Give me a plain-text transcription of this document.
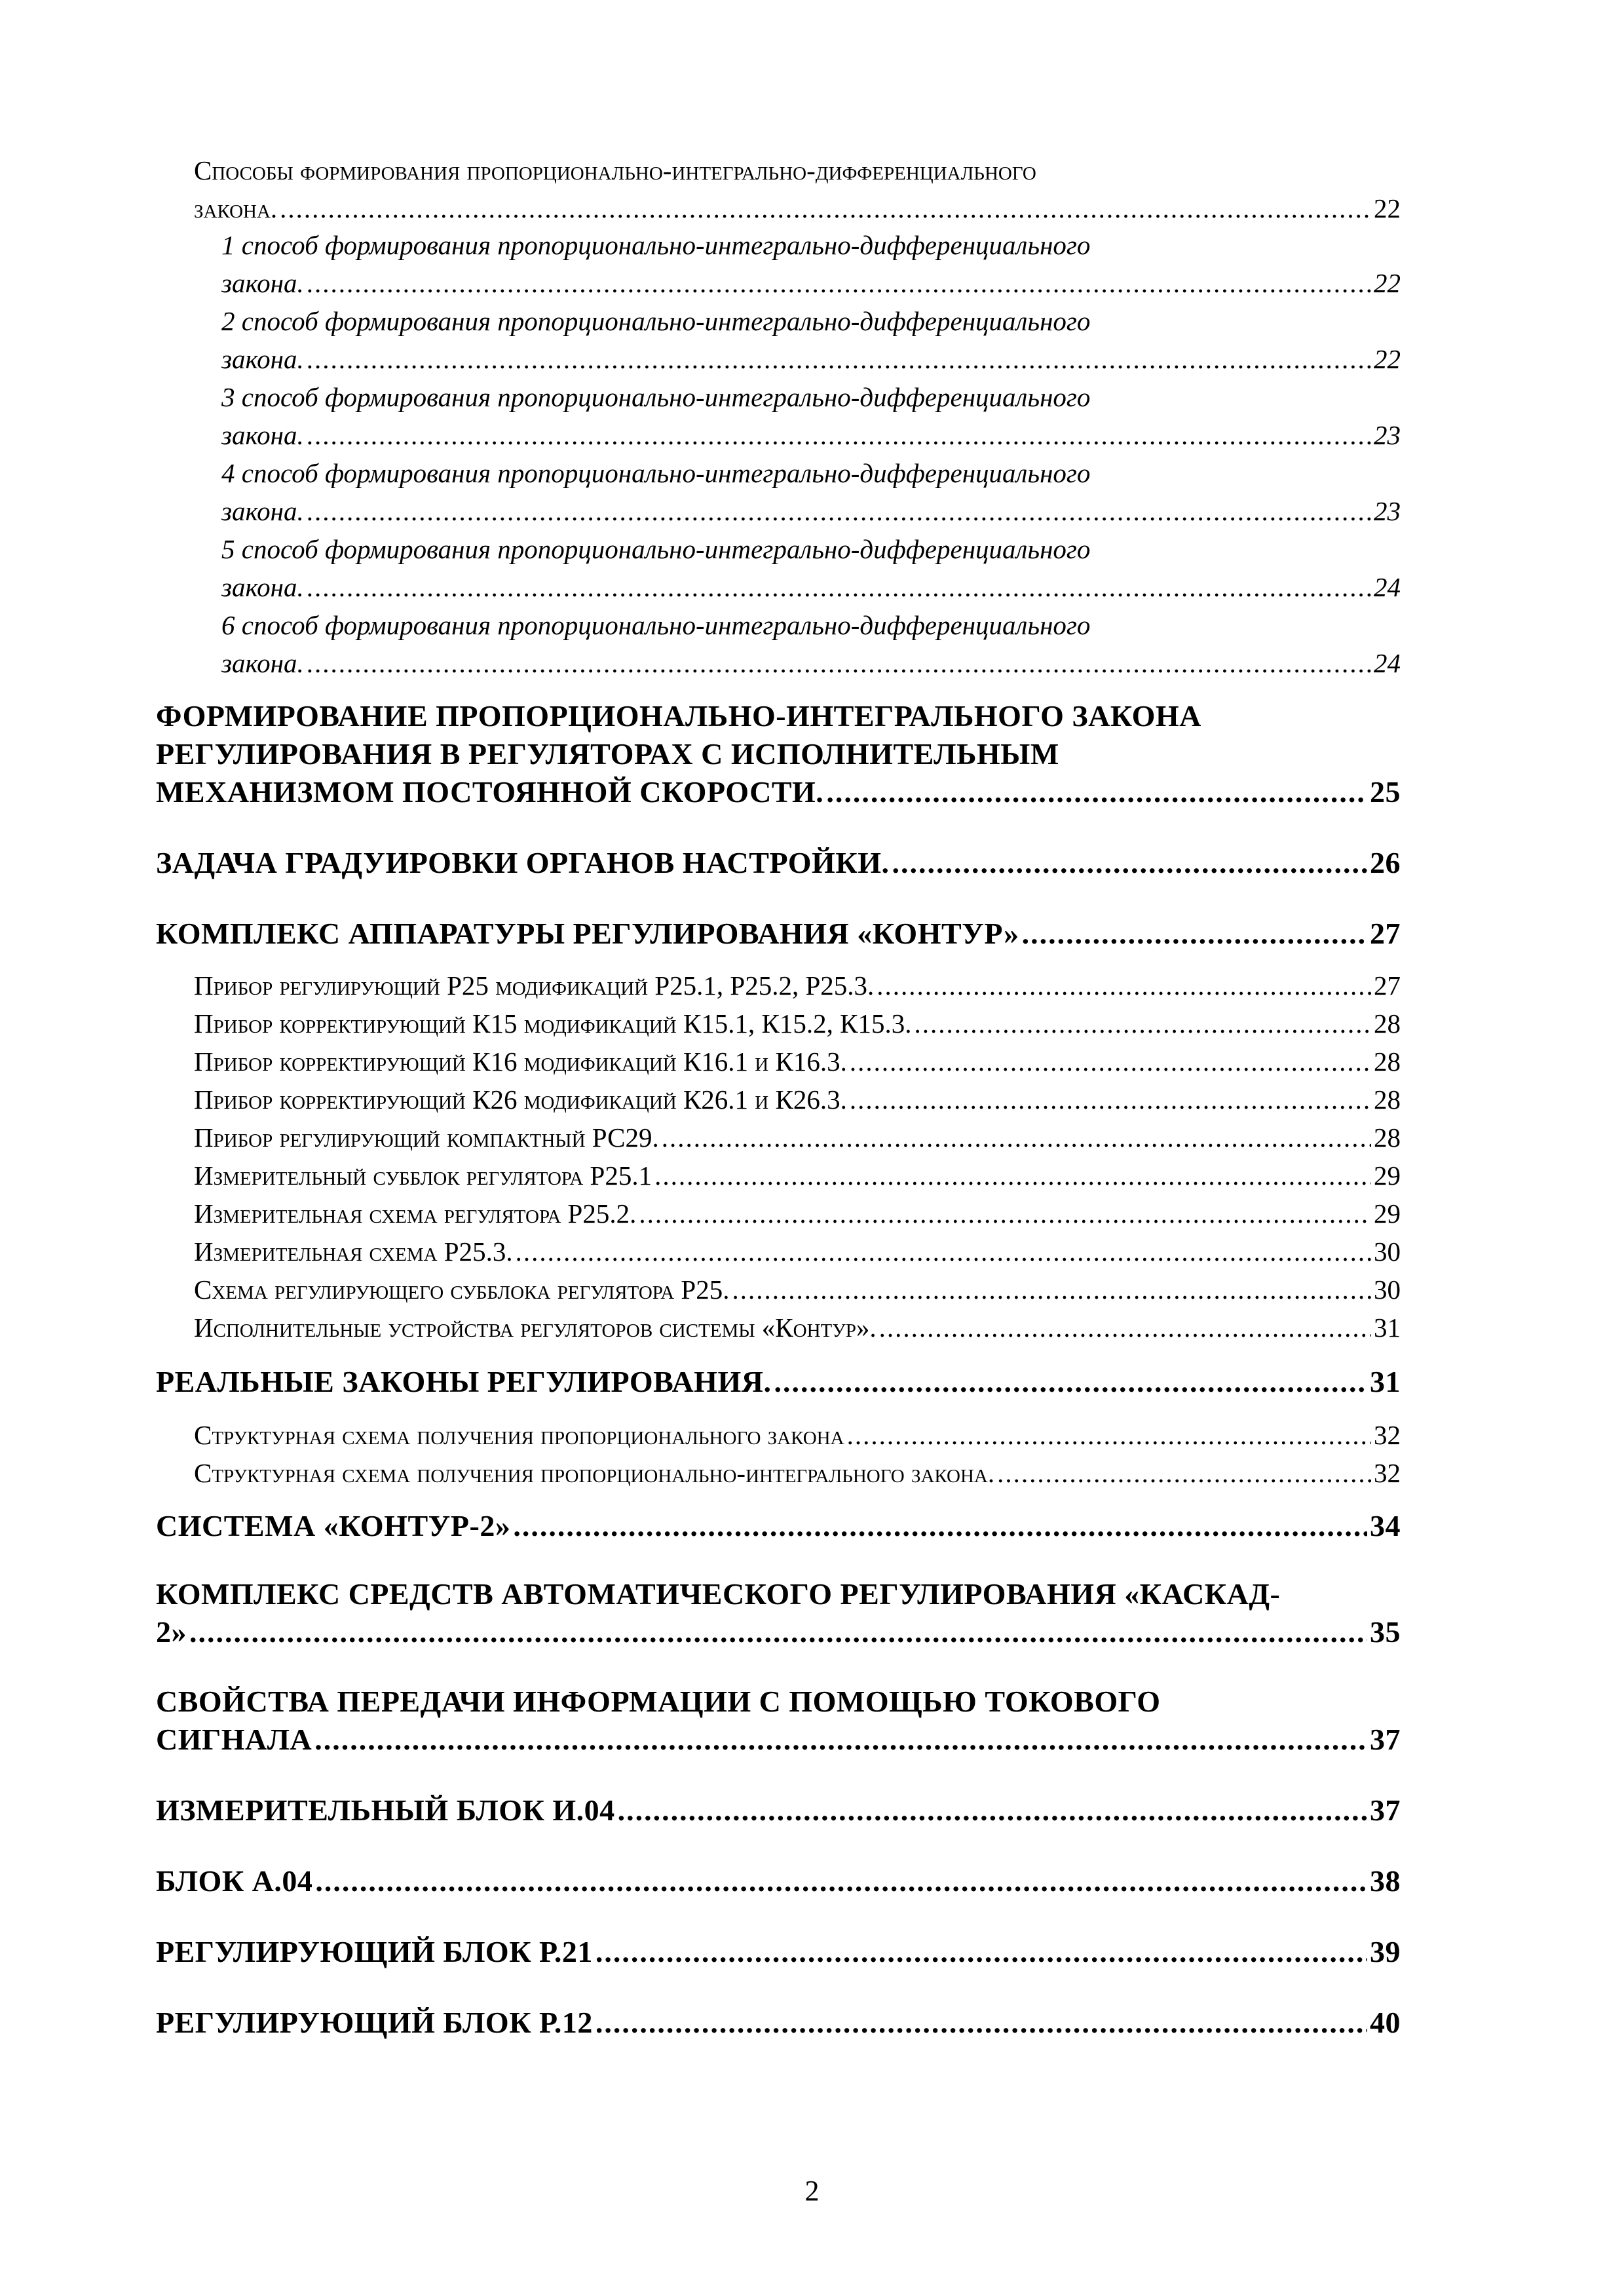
Способы формирования пропорционально-интегрально-дифференциального
закона. .....	22
1 способ формирования пропорционально-интегрально-дифференциального
закона. .....	22
2 способ формирования пропорционально-интегрально-дифференциального
закона. .....	22
3 способ формирования пропорционально-интегрально-дифференциального
закона. .....	23
4 способ формирования пропорционально-интегрально-дифференциального
закона. .....	23
5 способ формирования пропорционально-интегрально-дифференциального
закона. .....	24
6 способ формирования пропорционально-интегрально-дифференциального
закона. .....	24
ФОРМИРОВАНИЕ ПРОПОРЦИОНАЛЬНО-ИНТЕГРАЛЬНОГО ЗАКОНА
РЕГУЛИРОВАНИЯ В РЕГУЛЯТОРАХ С ИСПОЛНИТЕЛЬНЫМ
МЕХАНИЗМОМ ПОСТОЯННОЙ СКОРОСТИ. .....	25
ЗАДАЧА ГРАДУИРОВКИ ОРГАНОВ НАСТРОЙКИ. .....	26
КОМПЛЕКС АППАРАТУРЫ РЕГУЛИРОВАНИЯ «КОНТУР» .....	27
Прибор регулирующий Р25 модификаций Р25.1, Р25.2, Р25.3. .....	27
Прибор корректирующий К15 модификаций К15.1, К15.2, К15.3. .....	28
Прибор корректирующий К16 модификаций К16.1 и К16.3. .....	28
Прибор корректирующий К26 модификаций К26.1 и К26.3. .....	28
Прибор регулирующий компактный РС29. .....	28
Измерительный субблок регулятора Р25.1 .....	29
Измерительная схема регулятора Р25.2. .....	29
Измерительная схема Р25.3. .....	30
Схема регулирующего субблока регулятора Р25. .....	30
Исполнительные устройства регуляторов системы «Контур». .....	31
РЕАЛЬНЫЕ ЗАКОНЫ РЕГУЛИРОВАНИЯ. .....	31
Структурная схема получения пропорционального закона .....	32
Структурная схема получения пропорционально-интегрального закона. .....	32
СИСТЕМА «КОНТУР-2» .....	34
КОМПЛЕКС СРЕДСТВ АВТОМАТИЧЕСКОГО РЕГУЛИРОВАНИЯ «КАСКАД-
2» .....	35
СВОЙСТВА ПЕРЕДАЧИ ИНФОРМАЦИИ С ПОМОЩЬЮ ТОКОВОГО
СИГНАЛА .....	37
ИЗМЕРИТЕЛЬНЫЙ БЛОК И.04 .....	37
БЛОК А.04 .....	38
РЕГУЛИРУЮЩИЙ БЛОК Р.21 .....	39
РЕГУЛИРУЮЩИЙ БЛОК Р.12 .....	40
2
